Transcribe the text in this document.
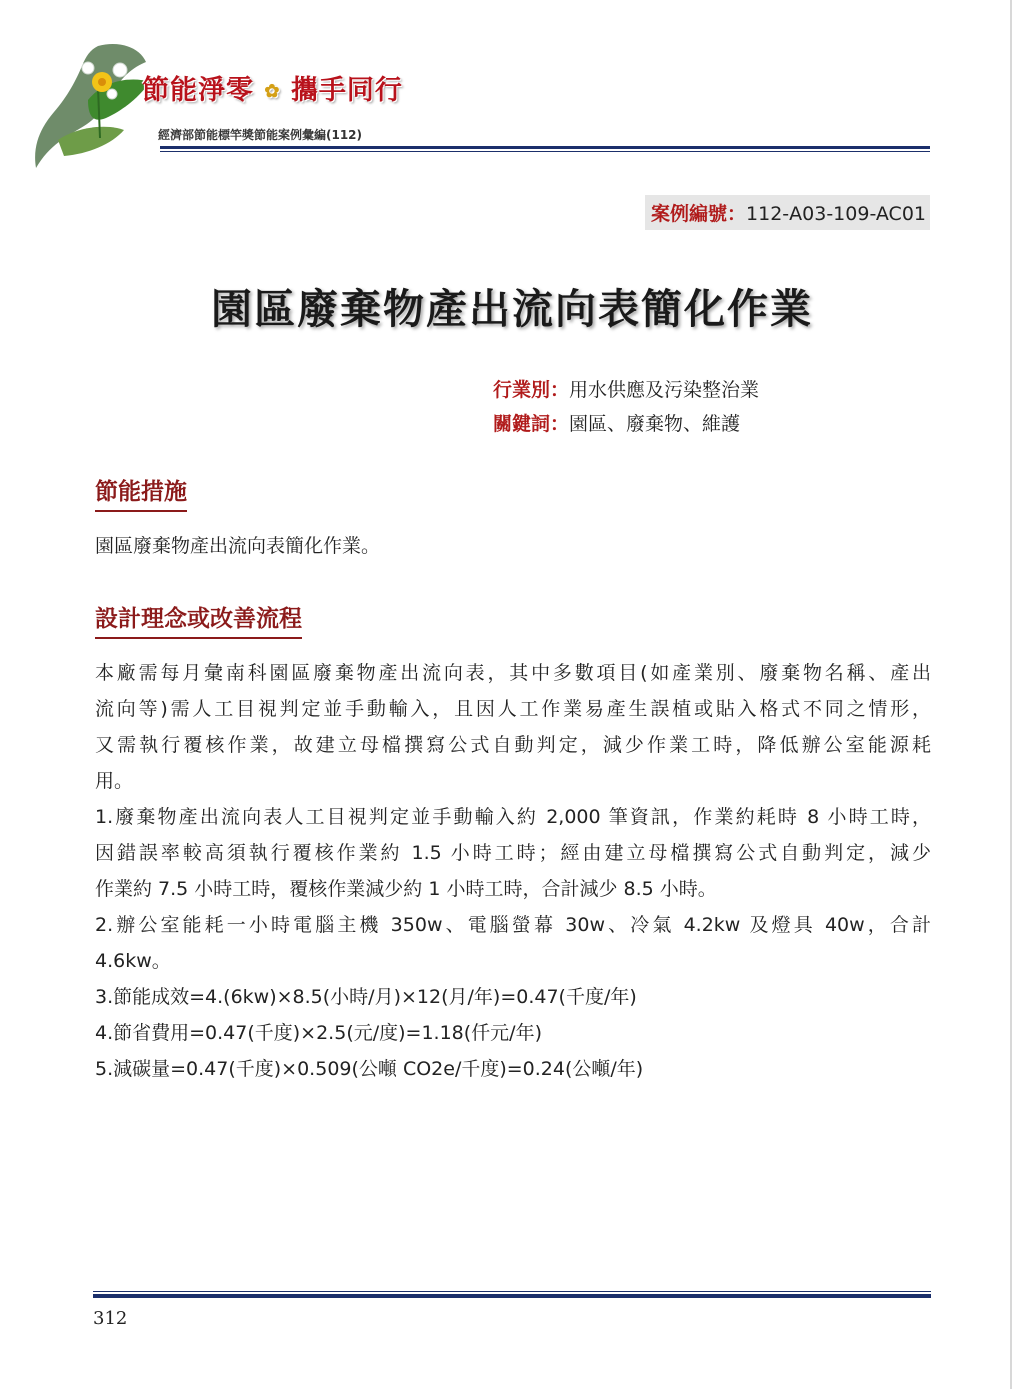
節能淨零 ✿ 攜手同行
經濟部節能標竿獎節能案例彙編(112)
案例編號：112-A03-109-AC01
園區廢棄物產出流向表簡化作業
行業別：用水供應及污染整治業
關鍵詞：園區、廢棄物、維護
節能措施
園區廢棄物產出流向表簡化作業。
設計理念或改善流程
本廠需每月彙南科園區廢棄物產出流向表，其中多數項目(如產業別、廢棄物名稱、產出
流向等)需人工目視判定並手動輸入，且因人工作業易產生誤植或貼入格式不同之情形，
又需執行覆核作業，故建立母檔撰寫公式自動判定，減少作業工時，降低辦公室能源耗
用。
1.廢棄物產出流向表人工目視判定並手動輸入約 2,000 筆資訊，作業約耗時 8 小時工時，
因錯誤率較高須執行覆核作業約 1.5 小時工時；經由建立母檔撰寫公式自動判定，減少
作業約 7.5 小時工時，覆核作業減少約 1 小時工時，合計減少 8.5 小時。
2.辦公室能耗一小時電腦主機 350w、電腦螢幕 30w、冷氣 4.2kw 及燈具 40w，合計
4.6kw。
3.節能成效=4.(6kw)×8.5(小時/月)×12(月/年)=0.47(千度/年)
4.節省費用=0.47(千度)×2.5(元/度)=1.18(仟元/年)
5.減碳量=0.47(千度)×0.509(公噸 CO2e/千度)=0.24(公噸/年)
312
